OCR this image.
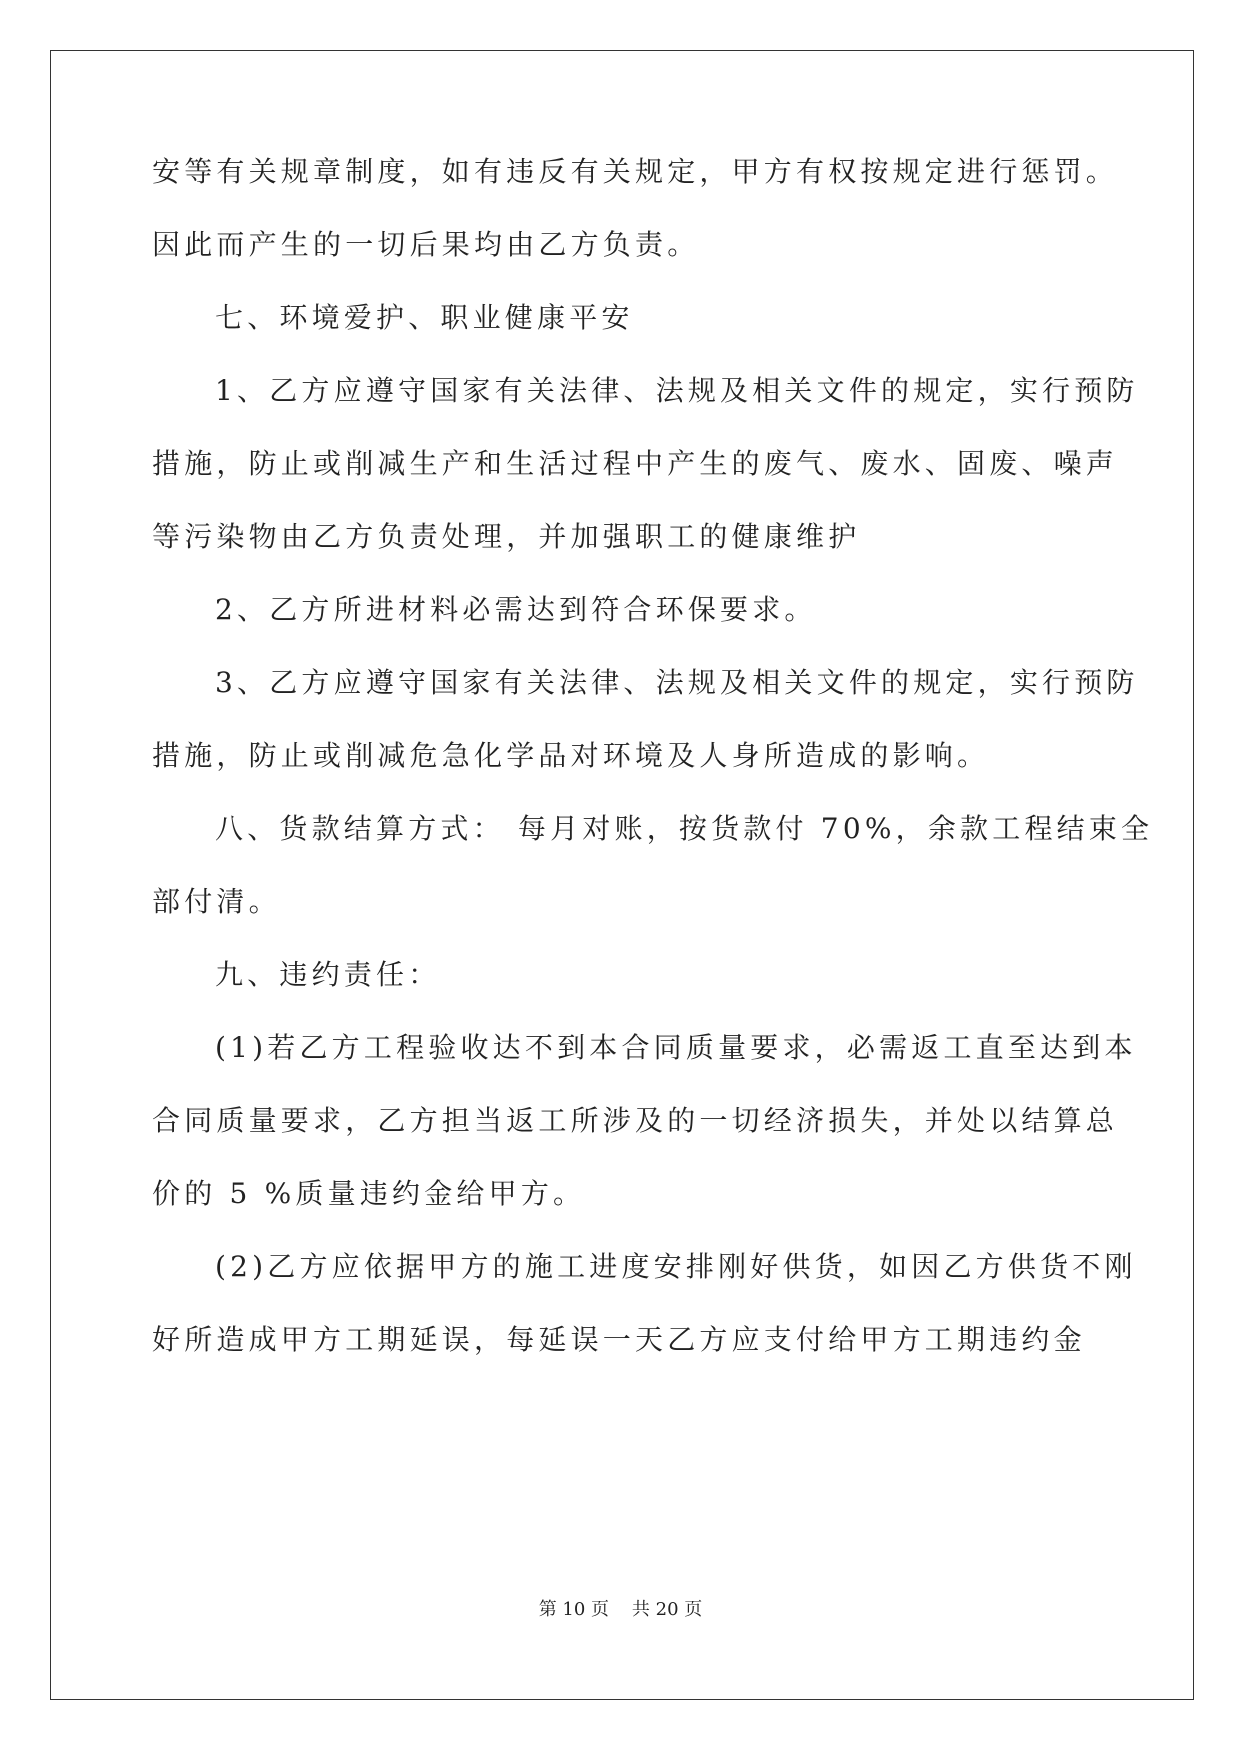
安等有关规章制度，如有违反有关规定，甲方有权按规定进行惩罚。
因此而产生的一切后果均由乙方负责。
七、环境爱护、职业健康平安
1、乙方应遵守国家有关法律、法规及相关文件的规定，实行预防
措施，防止或削减生产和生活过程中产生的废气、废水、固废、噪声
等污染物由乙方负责处理，并加强职工的健康维护
2、乙方所进材料必需达到符合环保要求。
3、乙方应遵守国家有关法律、法规及相关文件的规定，实行预防
措施，防止或削减危急化学品对环境及人身所造成的影响。
八、货款结算方式： 每月对账，按货款付 70%，余款工程结束全
部付清。
九、违约责任：
(1)若乙方工程验收达不到本合同质量要求，必需返工直至达到本
合同质量要求，乙方担当返工所涉及的一切经济损失，并处以结算总
价的 5 %质量违约金给甲方。
(2)乙方应依据甲方的施工进度安排刚好供货，如因乙方供货不刚
好所造成甲方工期延误，每延误一天乙方应支付给甲方工期违约金
第 10 页    共 20 页
